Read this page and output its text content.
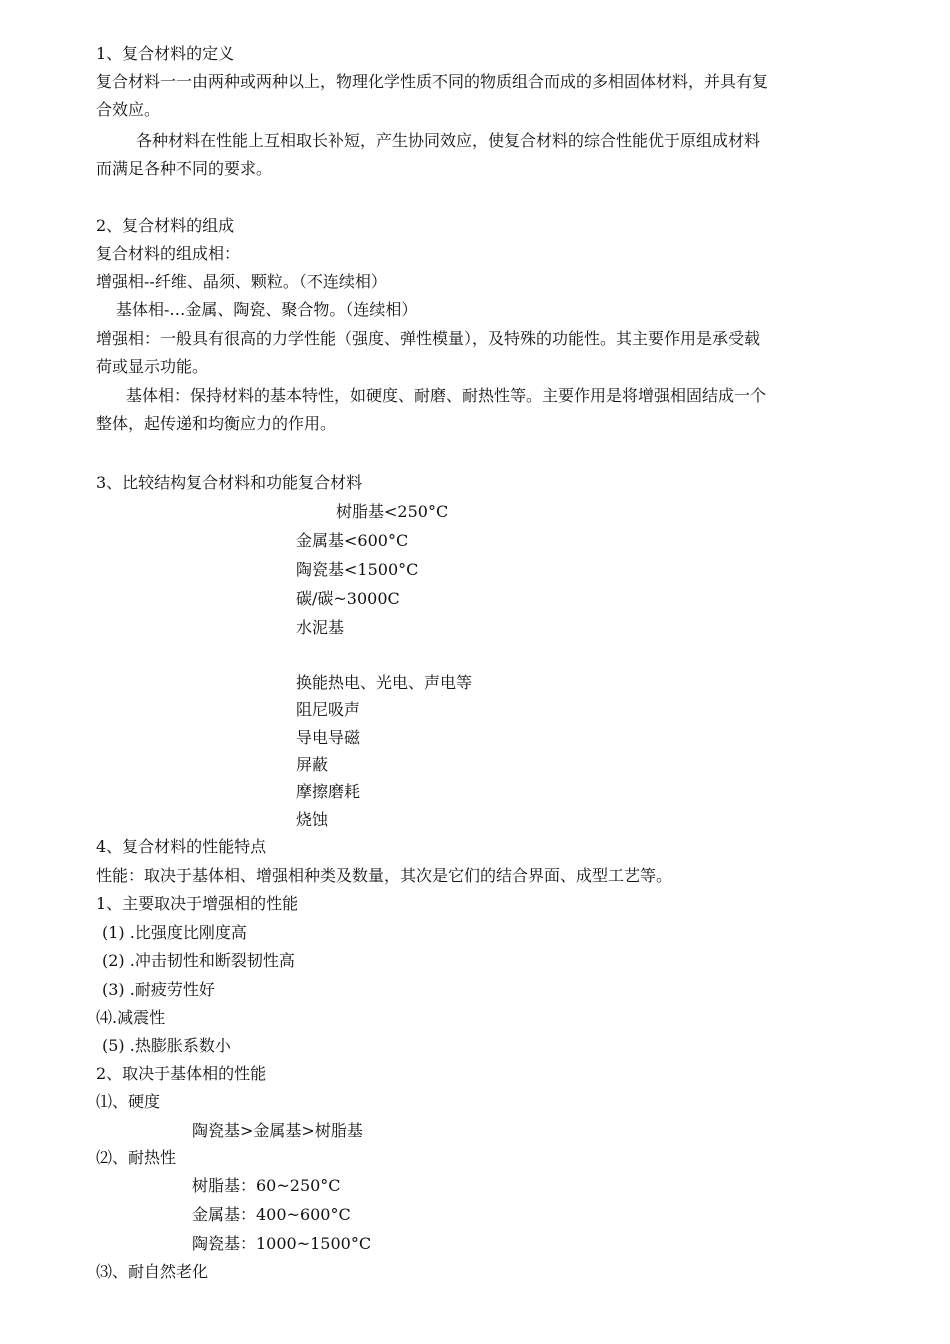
1、复合材料的定义
复合材料一一由两种或两种以上，物理化学性质不同的物质组合而成的多相固体材料，并具有复
合效应。
各种材料在性能上互相取长补短，产生协同效应，使复合材料的综合性能优于原组成材料
而满足各种不同的要求。
2、复合材料的组成
复合材料的组成相：
增强相--纤维、晶须、颗粒。（不连续相）
基体相-…金属、陶瓷、聚合物。（连续相）
增强相：一般具有很高的力学性能（强度、弹性模量），及特殊的功能性。其主要作用是承受载
荷或显示功能。
基体相：保持材料的基本特性，如硬度、耐磨、耐热性等。主要作用是将增强相固结成一个
整体，起传递和均衡应力的作用。
3、比较结构复合材料和功能复合材料
树脂基<250°C
金属基<600°C
陶瓷基<1500°C
碳/碳~3000C
水泥基
换能热电、光电、声电等
阻尼吸声
导电导磁
屏蔽
摩擦磨耗
烧蚀
4、复合材料的性能特点
性能：取决于基体相、增强相种类及数量，其次是它们的结合界面、成型工艺等。
1、主要取决于增强相的性能
(1) .比强度比刚度高
(2) .冲击韧性和断裂韧性高
(3) .耐疲劳性好
⑷.减震性
(5) .热膨胀系数小
2、取决于基体相的性能
⑴、硬度
陶瓷基>金属基>树脂基
⑵、耐热性
树脂基：60~250°C
金属基：400~600°C
陶瓷基：1000~1500°C
⑶、耐自然老化
